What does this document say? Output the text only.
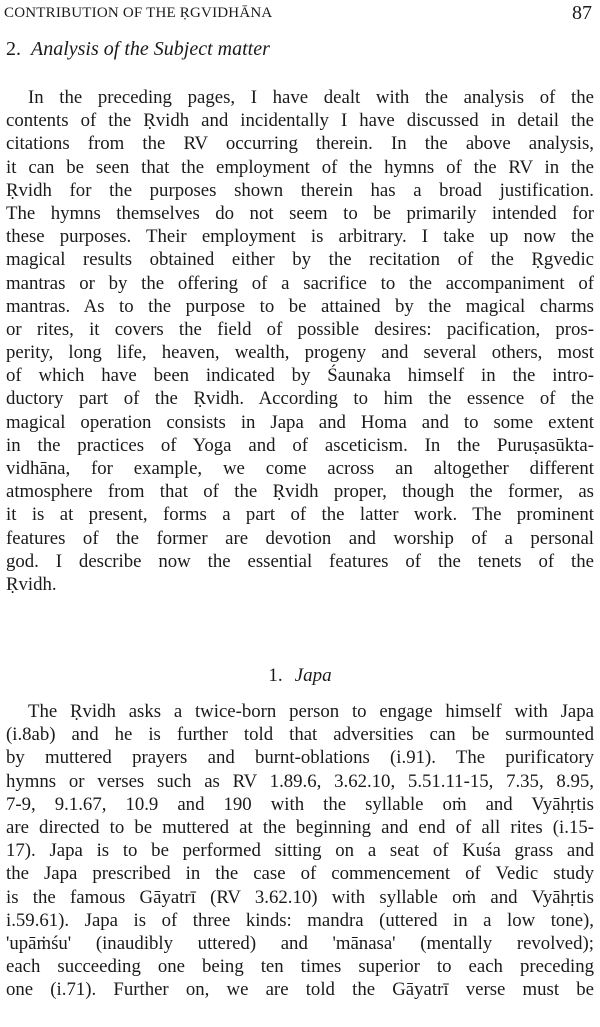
CONTRIBUTION OF THE ṚGVIDHĀNA	87
2. Analysis of the Subject matter
In the preceding pages, I have dealt with the analysis of the
contents of the Ṛvidh and incidentally I have discussed in detail the
citations from the RV occurring therein. In the above analysis,
it can be seen that the employment of the hymns of the RV in the
Ṛvidh for the purposes shown therein has a broad justification.
The hymns themselves do not seem to be primarily intended for
these purposes. Their employment is arbitrary. I take up now the
magical results obtained either by the recitation of the Ṛgvedic
mantras or by the offering of a sacrifice to the accompaniment of
mantras. As to the purpose to be attained by the magical charms
or rites, it covers the field of possible desires: pacification, pros-
perity, long life, heaven, wealth, progeny and several others, most
of which have been indicated by Śaunaka himself in the intro-
ductory part of the Ṛvidh. According to him the essence of the
magical operation consists in Japa and Homa and to some extent
in the practices of Yoga and of asceticism. In the Puruṣasūkta-
vidhāna, for example, we come across an altogether different
atmosphere from that of the Ṛvidh proper, though the former, as
it is at present, forms a part of the latter work. The prominent
features of the former are devotion and worship of a personal
god. I describe now the essential features of the tenets of the
Ṛvidh.
1. Japa
The Ṛvidh asks a twice-born person to engage himself with Japa
(i.8ab) and he is further told that adversities can be surmounted
by muttered prayers and burnt-oblations (i.91). The purificatory
hymns or verses such as RV 1.89.6, 3.62.10, 5.51.11-15, 7.35, 8.95,
7-9, 9.1.67, 10.9 and 190 with the syllable oṁ and Vyāhṛtis
are directed to be muttered at the beginning and end of all rites (i.15-
17). Japa is to be performed sitting on a seat of Kuśa grass and
the Japa prescribed in the case of commencement of Vedic study
is the famous Gāyatrī (RV 3.62.10) with syllable oṁ and Vyāhṛtis
i.59.61). Japa is of three kinds: mandra (uttered in a low tone),
'upāṁśu' (inaudibly uttered) and 'mānasa' (mentally revolved);
each succeeding one being ten times superior to each preceding
one (i.71). Further on, we are told the Gāyatrī verse must be
